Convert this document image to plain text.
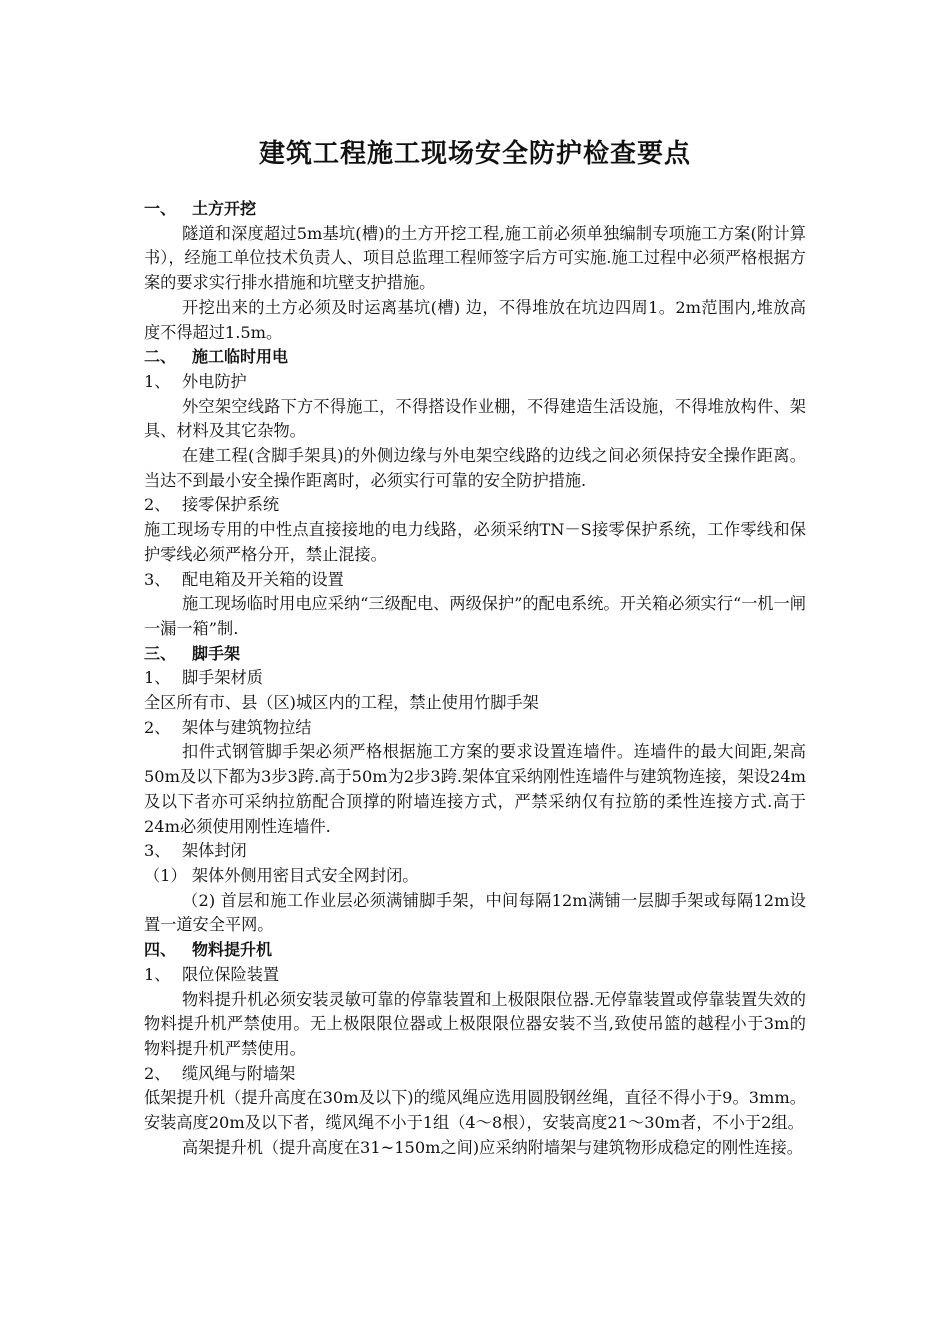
建筑工程施工现场安全防护检查要点

一、 土方开挖

隧道和深度超过5m基坑(槽)的土方开挖工程,施工前必须单独编制专项施工方案(附计算书），经施工单位技术负责人、项目总监理工程师签字后方可实施.施工过程中必须严格根据方案的要求实行排水措施和坑壁支护措施。

开挖出来的土方必须及时运离基坑(槽) 边，不得堆放在坑边四周1。2m范围内,堆放高度不得超过1.5m。

二、 施工临时用电

1、 外电防护

外空架空线路下方不得施工，不得搭设作业棚，不得建造生活设施，不得堆放构件、架具、材料及其它杂物。

在建工程(含脚手架具)的外侧边缘与外电架空线路的边线之间必须保持安全操作距离。当达不到最小安全操作距离时，必须实行可靠的安全防护措施.

2、 接零保护系统

施工现场专用的中性点直接接地的电力线路，必须采纳TN－S接零保护系统，工作零线和保护零线必须严格分开，禁止混接。

3、 配电箱及开关箱的设置

施工现场临时用电应采纳“三级配电、两级保护”的配电系统。开关箱必须实行“一机一闸一漏一箱”制.

三、 脚手架

1、 脚手架材质

全区所有市、县（区)城区内的工程，禁止使用竹脚手架

2、 架体与建筑物拉结

扣件式钢管脚手架必须严格根据施工方案的要求设置连墙件。连墙件的最大间距,架高50m及以下都为3步3跨.高于50m为2步3跨.架体宜采纳刚性连墙件与建筑物连接，架设24m及以下者亦可采纳拉筋配合顶撑的附墙连接方式，严禁采纳仅有拉筋的柔性连接方式.高于24m必须使用刚性连墙件.

3、 架体封闭

（1） 架体外侧用密目式安全网封闭。

（2) 首层和施工作业层必须满铺脚手架，中间每隔12m满铺一层脚手架或每隔12m设置一道安全平网。

四、 物料提升机

1、 限位保险装置

物料提升机必须安装灵敏可靠的停靠装置和上极限限位器.无停靠装置或停靠装置失效的物料提升机严禁使用。无上极限限位器或上极限限位器安装不当,致使吊篮的越程小于3m的物料提升机严禁使用。

2、 缆风绳与附墙架

低架提升机（提升高度在30m及以下)的缆风绳应选用圆股钢丝绳，直径不得小于9。3mm。安装高度20m及以下者，缆风绳不小于1组（4～8根），安装高度21～30m者，不小于2组。

高架提升机（提升高度在31~150m之间)应采纳附墙架与建筑物形成稳定的刚性连接。
